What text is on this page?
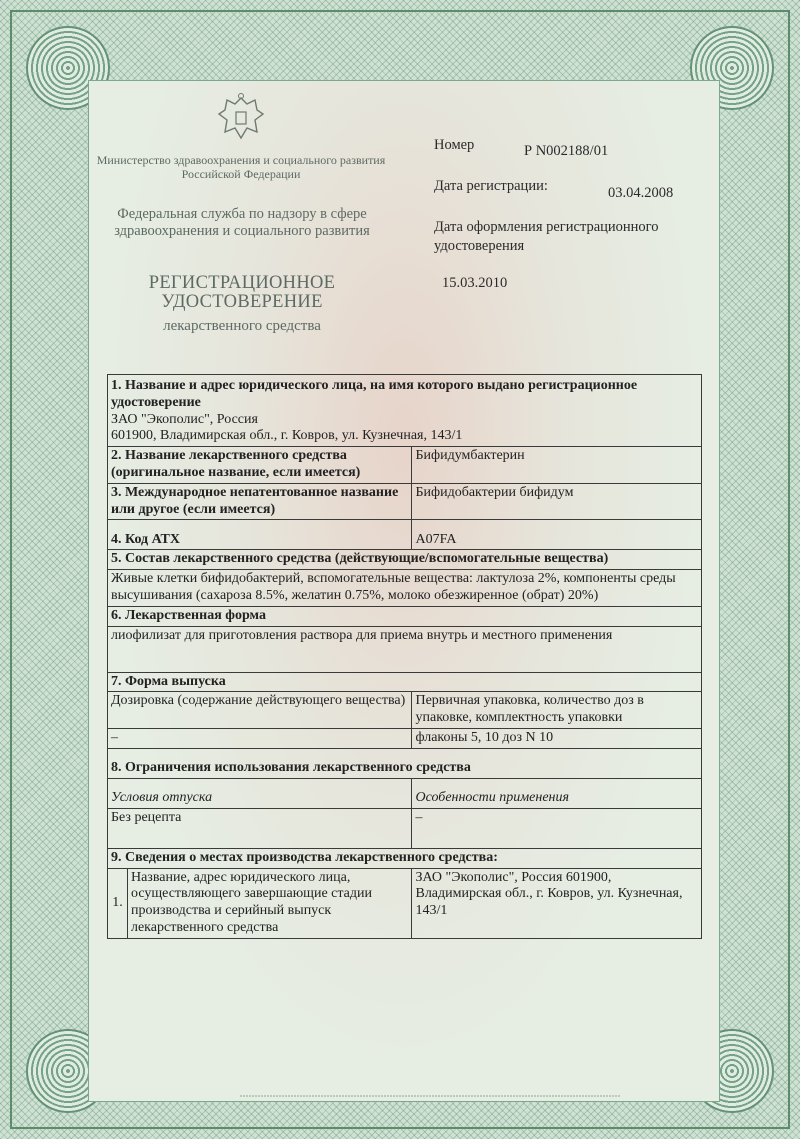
Министерство здравоохранения и социального развития Российской Федерации
Федеральная служба по надзору в сфере здравоохранения и социального развития
РЕГИСТРАЦИОННОЕ УДОСТОВЕРЕНИЕ
лекарственного средства
Номер	Р N002188/01
Дата регистрации:	03.04.2008
Дата оформления регистрационного удостоверения
15.03.2010
1. Название и адрес юридического лица, на имя которого выдано регистрационное удостоверение
ЗАО "Экополис", Россия
601900, Владимирская обл., г. Ковров, ул. Кузнечная, 143/1		

2. Название лекарственного средства (оригинальное название, если имеется)		Бифидумбактерин
3. Международное непатентованное название или другое (если имеется)		Бифидобактерии бифидум
4. Код АТХ		A07FA
5. Состав лекарственного средства (действующие/вспомогательные вещества)		
Живые клетки бифидобактерий, вспомогательные вещества: лактулоза 2%, компоненты среды высушивания (сахароза 8.5%, желатин 0.75%, молоко обезжиренное (обрат) 20%)		
6. Лекарственная форма		
лиофилизат для приготовления раствора для приема внутрь и местного применения		
7. Форма выпуска		
Дозировка (содержание действующего вещества)		Первичная упаковка, количество доз в упаковке, комплектность упаковки
–		флаконы 5, 10 доз N 10
8. Ограничения использования лекарственного средства		
Условия отпуска		Особенности применения
Без рецепта		–
9. Сведения о местах производства лекарственного средства:		
1.	Название, адрес юридического лица, осуществляющего завершающие стадии производства и серийный выпуск лекарственного средства	ЗАО "Экополис", Россия 601900, Владимирская обл., г. Ковров, ул. Кузнечная, 143/1
